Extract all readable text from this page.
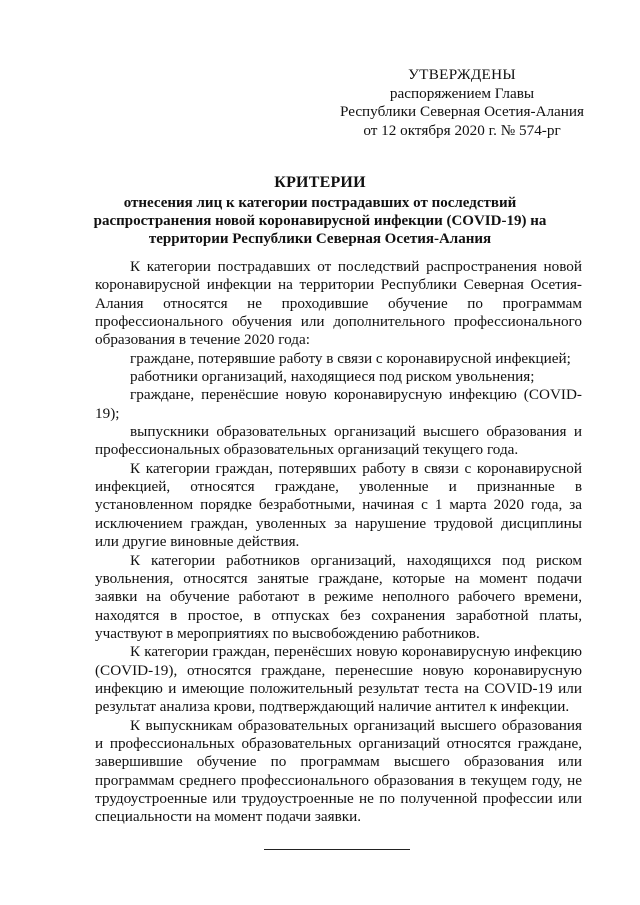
УТВЕРЖДЕНЫ
распоряжением Главы
Республики Северная Осетия-Алания
от 12 октября 2020 г. № 574-рг
КРИТЕРИИ
отнесения лиц к категории пострадавших от последствий распространения новой коронавирусной инфекции (COVID-19) на территории Республики Северная Осетия-Алания

К категории пострадавших от последствий распространения новой коронавирусной инфекции на территории Республики Северная Осетия-Алания относятся не проходившие обучение по программам профессионального обучения или дополнительного профессионального образования в течение 2020 года:

граждане, потерявшие работу в связи с коронавирусной инфекцией;

работники организаций, находящиеся под риском увольнения;

граждане, перенёсшие новую коронавирусную инфекцию (COVID-19);

выпускники образовательных организаций высшего образования и профессиональных образовательных организаций текущего года.

К категории граждан, потерявших работу в связи с коронавирусной инфекцией, относятся граждане, уволенные и признанные в установленном порядке безработными, начиная с 1 марта 2020 года, за исключением граждан, уволенных за нарушение трудовой дисциплины или другие виновные действия.

К категории работников организаций, находящихся под риском увольнения, относятся занятые граждане, которые на момент подачи заявки на обучение работают в режиме неполного рабочего времени, находятся в простое, в отпусках без сохранения заработной платы, участвуют в мероприятиях по высвобождению работников.

К категории граждан, перенёсших новую коронавирусную инфекцию (COVID-19), относятся граждане, перенесшие новую коронавирусную инфекцию и имеющие положительный результат теста на COVID-19 или результат анализа крови, подтверждающий наличие антител к инфекции.

К выпускникам образовательных организаций высшего образования и профессиональных образовательных организаций относятся граждане, завершившие обучение по программам высшего образования или программам среднего профессионального образования в текущем году, не трудоустроенные или трудоустроенные не по полученной профессии или специальности на момент подачи заявки.
